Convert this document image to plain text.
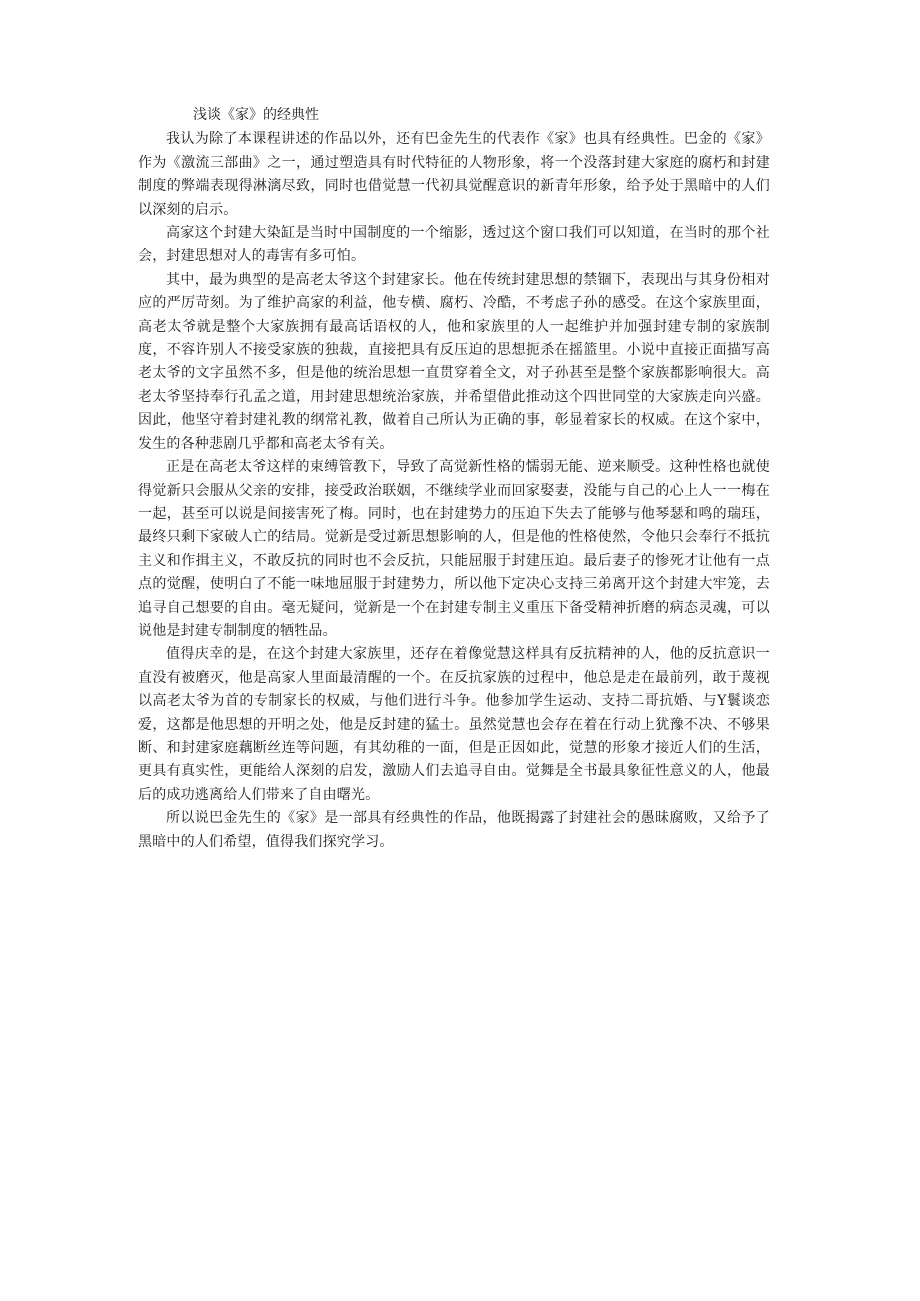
浅谈《家》的经典性

我认为除了本课程讲述的作品以外，还有巴金先生的代表作《家》也具有经典性。巴金的《家》作为《激流三部曲》之一，通过塑造具有时代特征的人物形象，将一个没落封建大家庭的腐朽和封建制度的弊端表现得淋漓尽致，同时也借觉慧一代初具觉醒意识的新青年形象，给予处于黑暗中的人们以深刻的启示。

高家这个封建大染缸是当时中国制度的一个缩影，透过这个窗口我们可以知道，在当时的那个社会，封建思想对人的毒害有多可怕。

其中，最为典型的是高老太爷这个封建家长。他在传统封建思想的禁锢下，表现出与其身份相对应的严厉苛刻。为了维护高家的利益，他专横、腐朽、冷酷，不考虑子孙的感受。在这个家族里面，高老太爷就是整个大家族拥有最高话语权的人，他和家族里的人一起维护并加强封建专制的家族制度，不容许别人不接受家族的独裁，直接把具有反压迫的思想扼杀在摇篮里。小说中直接正面描写高老太爷的文字虽然不多，但是他的统治思想一直贯穿着全文，对子孙甚至是整个家族都影响很大。高老太爷坚持奉行孔孟之道，用封建思想统治家族，并希望借此推动这个四世同堂的大家族走向兴盛。因此，他坚守着封建礼教的纲常礼教，做着自己所认为正确的事，彰显着家长的权威。在这个家中，发生的各种悲剧几乎都和高老太爷有关。

正是在高老太爷这样的束缚管教下，导致了高觉新性格的懦弱无能、逆来顺受。这种性格也就使得觉新只会服从父亲的安排，接受政治联姻，不继续学业而回家娶妻，没能与自己的心上人一一梅在一起，甚至可以说是间接害死了梅。同时，也在封建势力的压迫下失去了能够与他琴瑟和鸣的瑞珏，最终只剩下家破人亡的结局。觉新是受过新思想影响的人，但是他的性格使然，令他只会奉行不抵抗主义和作揖主义，不敢反抗的同时也不会反抗，只能屈服于封建压迫。最后妻子的惨死才让他有一点点的觉醒，使明白了不能一味地屈服于封建势力，所以他下定决心支持三弟离开这个封建大牢笼，去追寻自己想要的自由。毫无疑问，觉新是一个在封建专制主义重压下备受精神折磨的病态灵魂，可以说他是封建专制制度的牺牲品。

值得庆幸的是，在这个封建大家族里，还存在着像觉慧这样具有反抗精神的人，他的反抗意识一直没有被磨灭，他是高家人里面最清醒的一个。在反抗家族的过程中，他总是走在最前列，敢于蔑视以高老太爷为首的专制家长的权威，与他们进行斗争。他参加学生运动、支持二哥抗婚、与Y鬟谈恋爱，这都是他思想的开明之处，他是反封建的猛士。虽然觉慧也会存在着在行动上犹豫不决、不够果断、和封建家庭藕断丝连等问题，有其幼稚的一面，但是正因如此，觉慧的形象才接近人们的生活，更具有真实性，更能给人深刻的启发，激励人们去追寻自由。觉舞是全书最具象征性意义的人，他最后的成功逃离给人们带来了自由曙光。

所以说巴金先生的《家》是一部具有经典性的作品，他既揭露了封建社会的愚昧腐败，又给予了黑暗中的人们希望，值得我们探究学习。
